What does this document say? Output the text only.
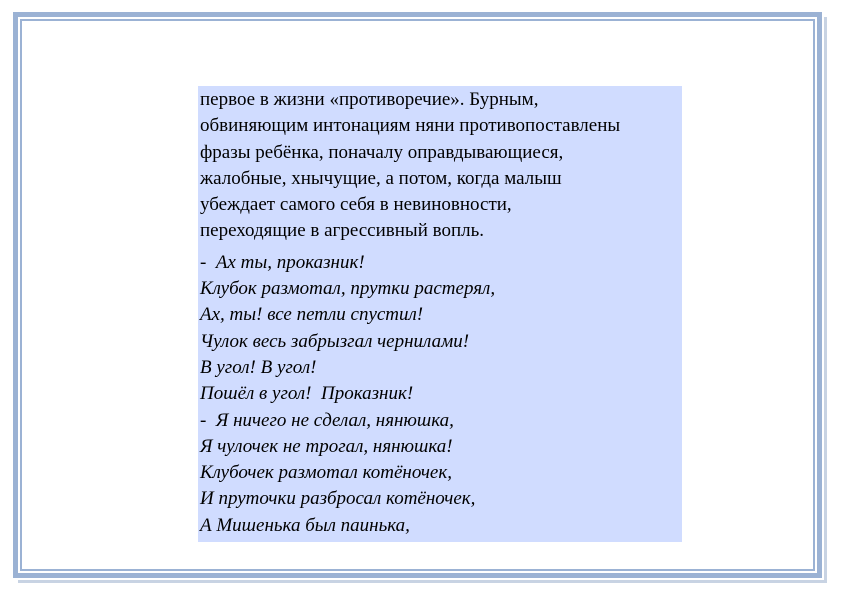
первое в жизни «противоречие». Бурным,

обвиняющим интонациям няни противопоставлены

фразы ребёнка, поначалу оправдывающиеся,

жалобные, хнычущие, а потом, когда малыш

убеждает самого себя в невиновности,

переходящие в агрессивный вопль.

-  Ах ты, проказник!

Клубок размотал, прутки растерял,

Ах, ты! все петли спустил!

Чулок весь забрызгал чернилами!

В угол! В угол!

Пошёл в угол!  Проказник!

-  Я ничего не сделал, нянюшка,

Я чулочек не трогал, нянюшка!

Клубочек размотал котёночек,

И пруточки разбросал котёночек,

А Мишенька был паинька,
